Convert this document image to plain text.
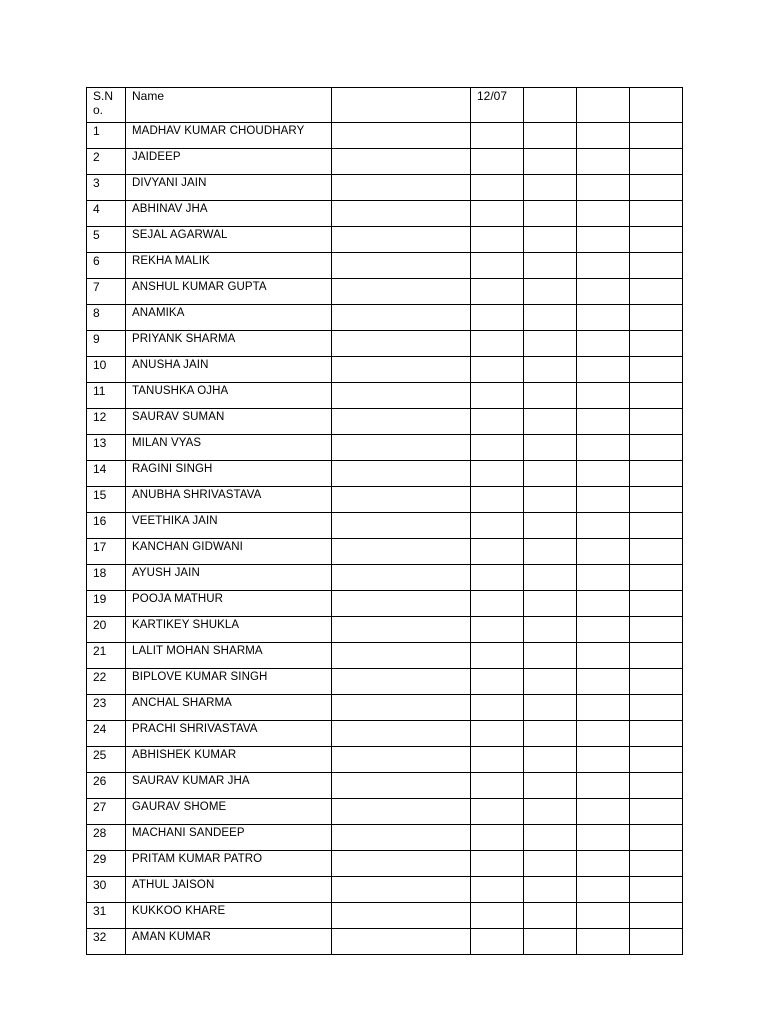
S.No.	Name		12/07			
1	MADHAV KUMAR CHOUDHARY					
2	JAIDEEP					
3	DIVYANI JAIN					
4	ABHINAV JHA					
5	SEJAL AGARWAL					
6	REKHA MALIK					
7	ANSHUL KUMAR GUPTA					
8	ANAMIKA					
9	PRIYANK SHARMA					
10	ANUSHA JAIN					
11	TANUSHKA OJHA					
12	SAURAV SUMAN					
13	MILAN VYAS					
14	RAGINI SINGH					
15	ANUBHA SHRIVASTAVA					
16	VEETHIKA JAIN					
17	KANCHAN GIDWANI					
18	AYUSH JAIN					
19	POOJA MATHUR					
20	KARTIKEY SHUKLA					
21	LALIT MOHAN SHARMA					
22	BIPLOVE KUMAR SINGH					
23	ANCHAL SHARMA					
24	PRACHI SHRIVASTAVA					
25	ABHISHEK KUMAR					
26	SAURAV KUMAR JHA					
27	GAURAV SHOME					
28	MACHANI SANDEEP					
29	PRITAM KUMAR PATRO					
30	ATHUL JAISON					
31	KUKKOO KHARE					
32	AMAN KUMAR					
